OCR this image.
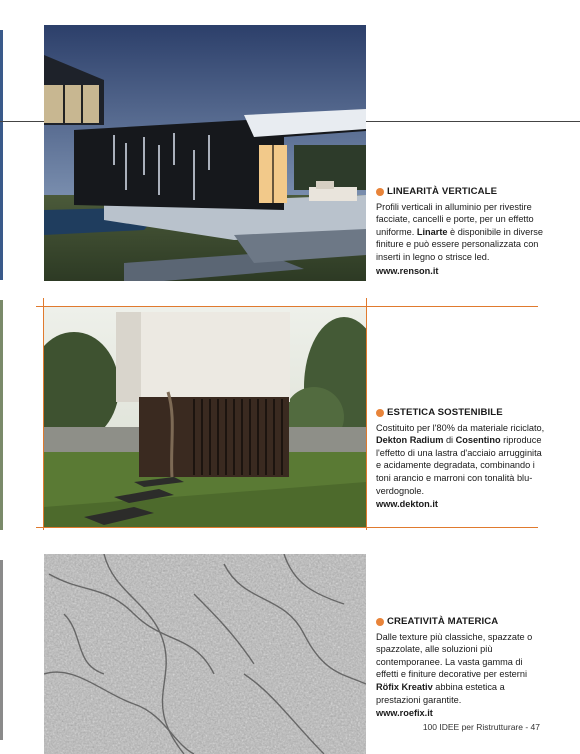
LINEARITÀ VERTICALE

Profili verticali in alluminio per rivestire facciate, cancelli e porte, per un effetto uniforme. Linarte è disponibile in diverse finiture e può essere personalizzata con inserti in legno o strisce led.

www.renson.it
ESTETICA SOSTENIBILE

Costituito per l'80% da materiale riciclato, Dekton Radium di Cosentino riproduce l'effetto di una lastra d'acciaio arrugginita e acidamente degradata, combinando i toni arancio e marroni con tonalità blu-verdognole.

www.dekton.it
CREATIVITÀ MATERICA

Dalle texture più classiche, spazzate o spazzolate, alle soluzioni più contemporanee. La vasta gamma di effetti e finiture decorative per esterni Röfix Kreativ abbina estetica a prestazioni garantite.

www.roefix.it
100 IDEE per Ristrutturare - 47
